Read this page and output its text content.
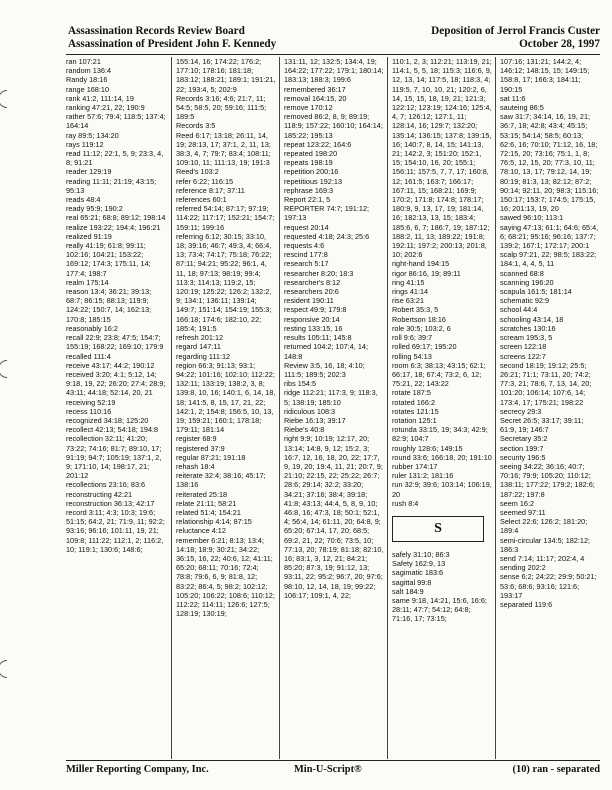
Assassination Records Review Board
Assassination of President John F. Kennedy
Deposition of Jerrol Francis Custer
October 28, 1997
ran 107:21
random 136:4
Randy 18:16
range 168:10
rank 41:2, 111:14, 19
ranking 47:21, 22; 190:9
rather 57:6; 79:4; 118:5; 137:4; 164:14
ray 89:5; 134:20
rays 119:12
read 11:12; 22:1, 5, 9; 23:3, 4, 8; 91:21
reader 129:19
reading 11:11; 21:19; 43:15; 95:13
reads 48:4
ready 95:9; 190:2
real 65:21; 68:8; 89:12; 198:14
realize 193:22; 194:4; 196:21
realized 91:19
really 41:19; 61:8; 99:11; 102:16; 104:21; 153:22; 169:12; 174:3; 175:11, 14; 177:4; 198:7
realm 175:14
reason 13:4; 36:21; 39:13; 68:7; 86:15; 88:13; 119:9; 124:22; 150:7, 14; 162:13; 170:8; 185:15
reasonably 16:2
recall 22:9; 23:8; 47:5; 154:7; 155:19; 168:22; 169:10; 179:9
recalled 111:4
receive 43:17; 44:2; 190:12
received 3:20; 4:1; 5:12, 14; 9:18, 19, 22; 26:20; 27:4; 28:9; 43:11; 44:18; 52:14, 20, 21
receiving 52:19
recess 110:16
recognized 34:18; 125:20
recollect 42:13; 54:18; 194:8
recollection 32:11; 41:20; 73:22; 74:16; 81:7; 89:10, 17; 91:19; 94:7; 105:19; 137:1, 2, 9; 171:10, 14; 198:17, 21; 201:12
recollections 23:16; 83:6
reconstructing 42:21
reconstruction 36:13; 42:17
record 3:11; 4:3; 10:3; 19:6; 51:15; 64:2, 21; 71:9, 11; 92:2; 93:16; 96:16; 101:11, 19, 21; 109:8; 111:22; 112:1, 2; 116:2, 10; 119:1; 130:6; 148:6;
155:14, 16; 174:22; 176:2; 177:10; 178:16; 181:18; 183:12; 188:21; 189:1; 191:21, 22; 193:4, 5; 202:9
Records 3:16; 4:6; 21:7, 11; 54:5; 58:5, 20; 59:16; 111:5; 189:5
Records 3:5
Reed 6:17; 13:18; 26:11, 14, 19; 28:13, 17; 37:1, 2, 11, 13; 38:3, 4, 7; 79:7; 83:4; 108:11; 109:10, 11; 111:13, 19; 191:3
Reed's 103:2
refer 6:22; 116:15
reference 8:17; 37:11
references 60:1
referred 54:14; 87:17; 97:19; 114:22; 117:17; 152:21; 154:7; 159:11; 199:16
referring 6:12; 30:15; 33:10, 18; 39:16; 46:7; 49:3, 4; 66:4, 13; 73:4; 74:17; 75:18; 76:22; 87:11; 94:21; 95:22; 96:1, 4, 11, 18; 97:13; 98:19; 99:4; 113:3; 114:13; 119:2, 15; 120:19; 125:22; 126:2; 132:2, 9; 134:1; 136:11; 139:14; 149:7; 151:14; 154:19; 155:3; 166:18; 174:6; 182:10, 22; 185:4; 191:5
refresh 201:12
regard 147:11
regarding 111:12
region 66:3; 91:13; 93:1; 94:22; 101:16; 102:10; 112:22; 132:11; 133:19; 138:2, 3, 8; 139:8, 10, 16; 140:1, 6, 14, 18, 18; 141:5, 8, 15, 17, 21, 22; 142:1, 2; 154:8; 156:5, 10, 13, 19; 159:21; 160:1; 178:18; 179:11; 181:14
register 68:9
registered 37:9
regular 87:21; 191:18
rehash 18:4
reiterate 32:4; 38:16; 45:17; 138:16
reiterated 25:18
relate 21:11; 58:21
related 51:4; 154:21
relationship 4:14; 87:15
reluctance 4:12
remember 6:21; 8:13; 13:4; 14:18; 18:9; 30:21; 34:22; 36:15, 16, 22; 40:6, 12; 41:11; 65:20; 68:11; 70:16; 72:4; 78:8; 79:6, 6, 9; 81:8, 12; 83:22; 86:4, 5; 98:2; 102:12; 105:20; 106:22; 108:6; 110:12; 112:22; 114:11; 126:6; 127:5; 128:19; 130:19;
131:11, 12; 132:5; 134:4, 19; 164:22; 177:22; 179:1; 180:14; 183:13; 188:3; 199:6
remembered 36:17
removal 164:15, 20
remove 170:12
removed 86:2, 8, 9; 89:19; 118:9; 157:22; 160:10; 164:14; 185:22; 195:13
repeat 123:22; 164:6
repeated 198:20
repeats 198:19
repetition 200:16
repetitious 192:13
rephrase 169:3
Report 22:1, 5
REPORTER 74:7; 191:12; 197:13
request 20:14
requested 4:18; 24:3; 25:6
requests 4:6
rescind 177:8
research 5:17
researcher 8:20; 18:3
researcher's 8:12
researchers 20:6
resident 190:11
respect 49:9; 179:8
responsive 20:14
resting 133:15, 16
results 105:11; 145:8
returned 104:2; 107:4, 14; 148:8
Review 3:5, 16, 18; 4:10; 111:5; 189:5; 202:3
ribs 154:5
ridge 112:21; 117:3, 9; 118:3, 5; 138:19; 185:10
ridiculous 108:3
Riebe 16:13; 39:17
Riebe's 40:8
right 9:9; 10:19; 12:17, 20; 13:14; 14:8, 9, 12; 15:2, 3; 16:7, 12, 16, 18, 20, 22; 17:7, 9, 19, 20; 19:4, 11, 21; 20:7, 9; 21:10; 22:15, 22; 25:22; 26:7; 28:6; 29:14; 32:2; 33:20; 34:21; 37:16; 38:4; 39:18; 41:8; 43:13; 44:4, 5, 8, 9, 10; 46:8, 16; 47:3, 18; 50:1; 52:1, 4; 56:4, 14; 61:11, 20; 64:8, 9; 65:20; 67:14, 17, 20; 68:5; 69:2, 21, 22; 70:6; 73:5, 10; 77:13, 20; 78:19; 81:18; 82:10, 16; 83:1, 3, 12, 21; 84:21; 85:20; 87:3, 19; 91:12, 13; 93:11, 22; 95:2; 96:7, 20; 97:6; 98:10, 12, 14, 18, 19; 99:22; 106:17; 109:1, 4, 22;
110:1, 2, 3; 112:21; 113:19, 21; 114:1, 5, 5, 18; 115:3; 116:6, 9, 12, 13, 14; 117:5, 18; 118:3, 4; 119:5, 7, 10, 10, 21; 120:2, 6, 14, 15, 15, 18, 19, 21; 121:3; 122:12; 123:19; 124:16; 125:4, 4, 7; 126:12; 127:1, 11; 128:14, 16; 129:7; 132:20; 135:14; 136:15; 137:8; 139:15, 16; 140:7, 8, 14, 15; 141:13, 21; 142:2, 3; 151:20; 152:1, 15; 154:10, 16, 20; 155:1; 156:11; 157:5, 7, 7, 17; 160:8, 12; 161:5; 163:7; 166:17; 167:11, 15; 168:21; 169:9; 170:2; 171:8; 174:8; 178:17; 180:9, 9, 13, 17, 19; 181:14, 16; 182:13, 13, 15; 183:4; 185:6, 6, 7; 186:7, 19; 187:12; 188:2, 11, 13; 189:22; 191:8; 192:11; 197:2; 200:13; 201:8, 10; 202:6
right-hand 194:15
rigor 86:16, 19; 89:11
ring 41:15
rings 41:14
rise 63:21
Robert 35:3, 5
Robertson 18:16
role 30:5; 103:2, 6
roll 9:6; 39:7
rolled 69:17; 195:20
rolling 54:13
room 6:3; 38:13; 43:15; 62:1; 66:17, 18; 67:4; 73:2, 6, 12; 75:21, 22; 143:22
rotate 187:5
rotated 166:2
rotates 121:15
rotation 125:1
rotunda 33:15, 19; 34:3; 42:9; 82:9; 104:7
roughly 128:6; 149:15
round 33:6; 166:18, 20; 191:10
rubber 174:17
ruler 131:2; 181:16
run 32:9; 39:6; 103:14; 106:19, 20
rush 8:4
S
safely 31:10; 86:3
Safety 162:9, 13
sagimatic 183:6
sagittal 99:8
salt 184:9
same 9:18, 14:21, 15:6, 16:6; 28:11; 47:7; 54:12; 64:8; 71:16, 17; 73:15;
107:16; 131:21; 144:2, 4; 146:12; 148:15, 15; 149:15; 158:8, 17; 166:3; 184:11; 190:15
sat 11:6
sauteing 86:5
saw 31:7; 34:14, 16, 19, 21; 36:7, 18; 42:8; 43:4; 45:15; 53:15; 54:14; 58:5; 60:13; 62:6, 16; 70:10; 71:12, 16, 18; 72:15, 20; 73:16; 75:1, 1, 8; 76:5, 12, 15, 20; 77:3, 10, 11; 78:10, 13, 17; 79:12, 14, 19; 80:19; 81:3, 13; 82:12; 87:2; 90:14; 92:11, 20; 98:3; 115:16; 150:17; 153:7; 174:5; 175:15, 16; 201:13, 19, 20
sawed 96:10; 113:1
saying 47:13; 61:1; 64:6; 65:4, 6; 68:21; 95:16; 96:16; 137:7; 139:2; 167:1; 172:17; 200:1
scalp 97:21, 22; 98:5; 183:22; 184:1, 4, 4, 5, 11
scanned 68:8
scanning 196:20
scapula 161:5; 181:14
schematic 92:9
school 44:4
schooling 43:14, 18
scratches 130:16
scream 195:3, 5
screen 122:18
screens 122:7
second 18:19; 19:12; 25:5; 26:21; 71:1; 73:11, 20; 74:2; 77:3, 21; 78:6, 7, 13, 14, 20; 101:20; 106:14; 107:6, 14; 173:4, 17; 175:21; 198:22
secrecy 29:3
Secret 26:5; 33:17; 39:11; 61:9, 19; 146:7
Secretary 35:2
section 199:7
security 196:5
seeing 34:22; 36:16; 40:7; 70:16; 79:9; 105:20; 110:12; 138:11; 177:22; 179:2; 182:6; 187:22; 197:8
seem 16:2
seemed 97:11
Select 22:6; 126:2; 181:20; 189:4
semi-circular 134:5; 182:12; 186:3
send 7:14; 11:17; 202:4, 4
sending 202:2
sense 6:2; 24:22; 29:9; 50:21; 53:6; 68:6; 93:16; 121:6; 193:17
separated 119:6
Miller Reporting Company, Inc.	Min-U-Script®	(10) ran - separated
